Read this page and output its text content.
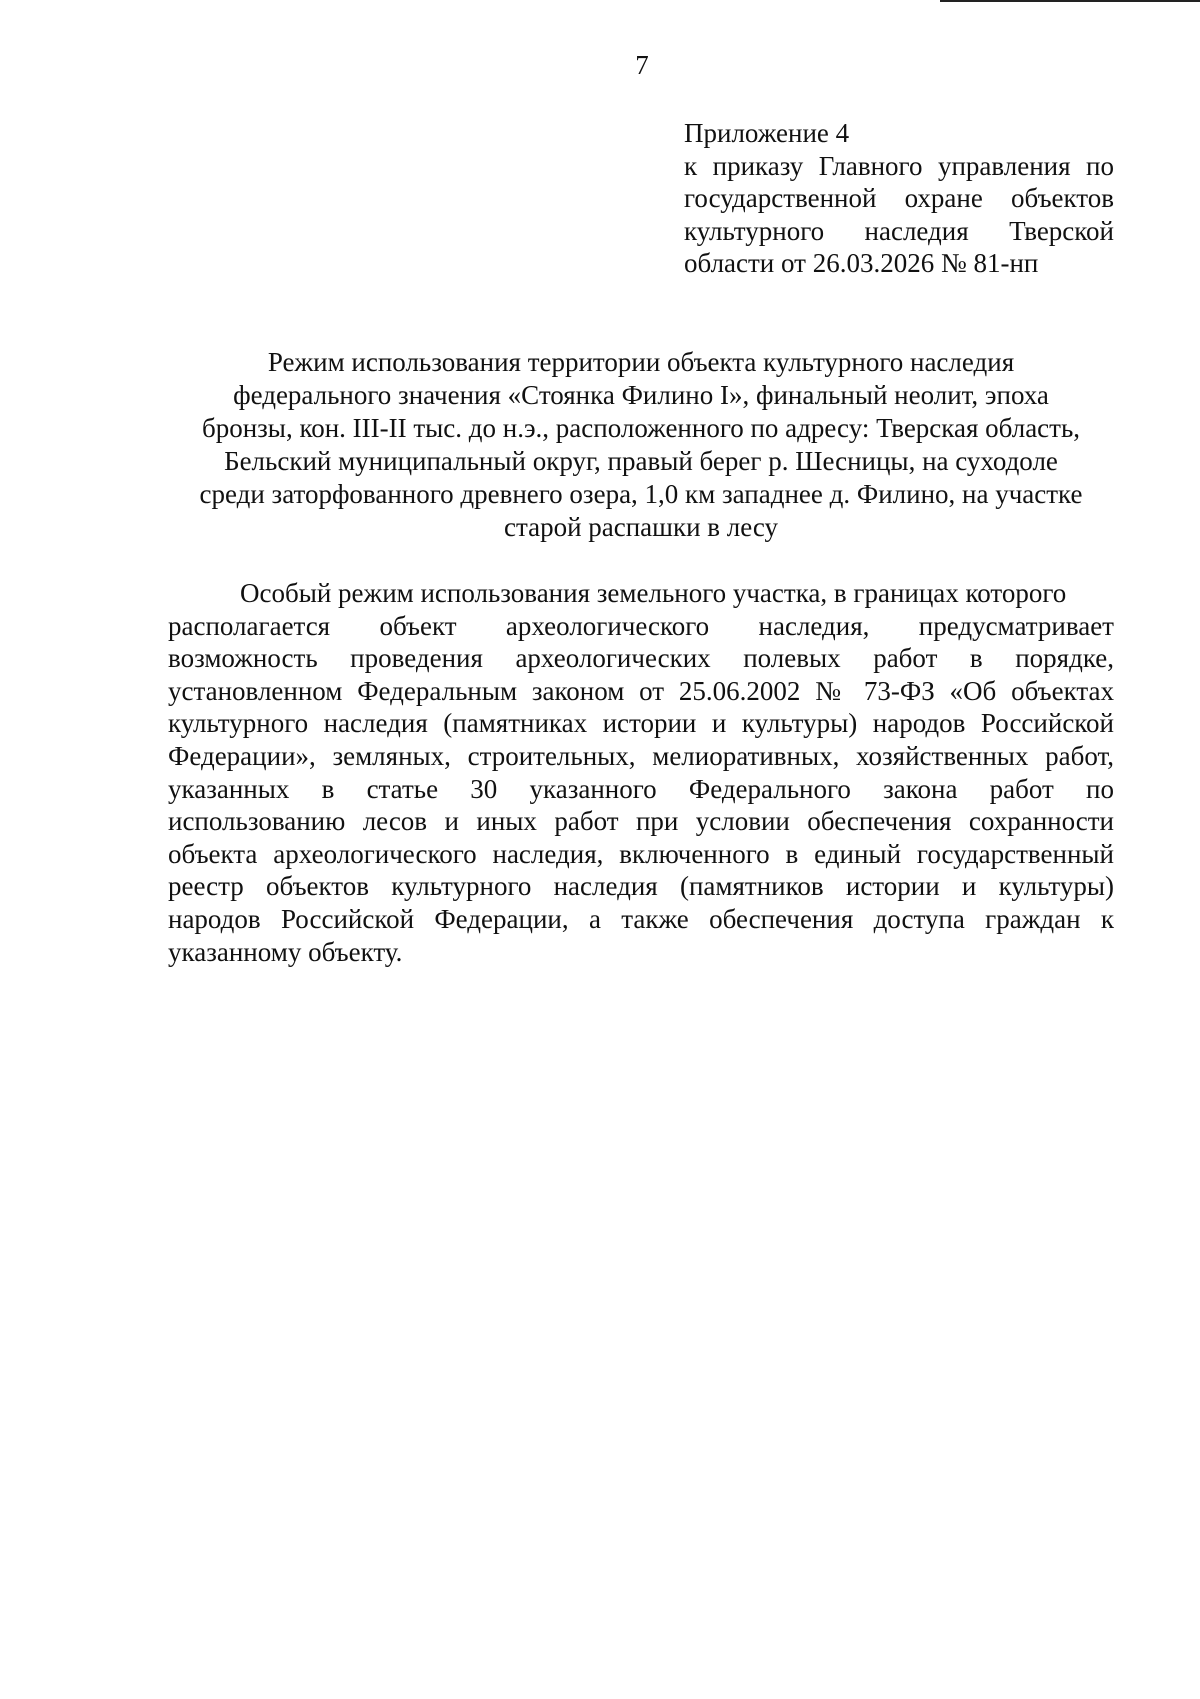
7
Приложение 4
к приказу Главного управления по
государственной охране объектов
культурного наследия Тверской
области от 26.03.2026 № 81-нп
Режим использования территории объекта культурного наследия
федерального значения «Стоянка Филино I», финальный неолит, эпоха
бронзы, кон. III-II тыс. до н.э., расположенного по адресу: Тверская область,
Бельский муниципальный округ, правый берег р. Шесницы, на суходоле
среди заторфованного древнего озера, 1,0 км западнее д. Филино, на участке
старой распашки в лесу
Особый режим использования земельного участка, в границах которого
располагается объект археологического наследия, предусматривает
возможность проведения археологических полевых работ в порядке,
установленном Федеральным законом от 25.06.2002 № 73-ФЗ «Об объектах
культурного наследия (памятниках истории и культуры) народов Российской
Федерации», земляных, строительных, мелиоративных, хозяйственных работ,
указанных в статье 30 указанного Федерального закона работ по
использованию лесов и иных работ при условии обеспечения сохранности
объекта археологического наследия, включенного в единый государственный
реестр объектов культурного наследия (памятников истории и культуры)
народов Российской Федерации, а также обеспечения доступа граждан к
указанному объекту.
